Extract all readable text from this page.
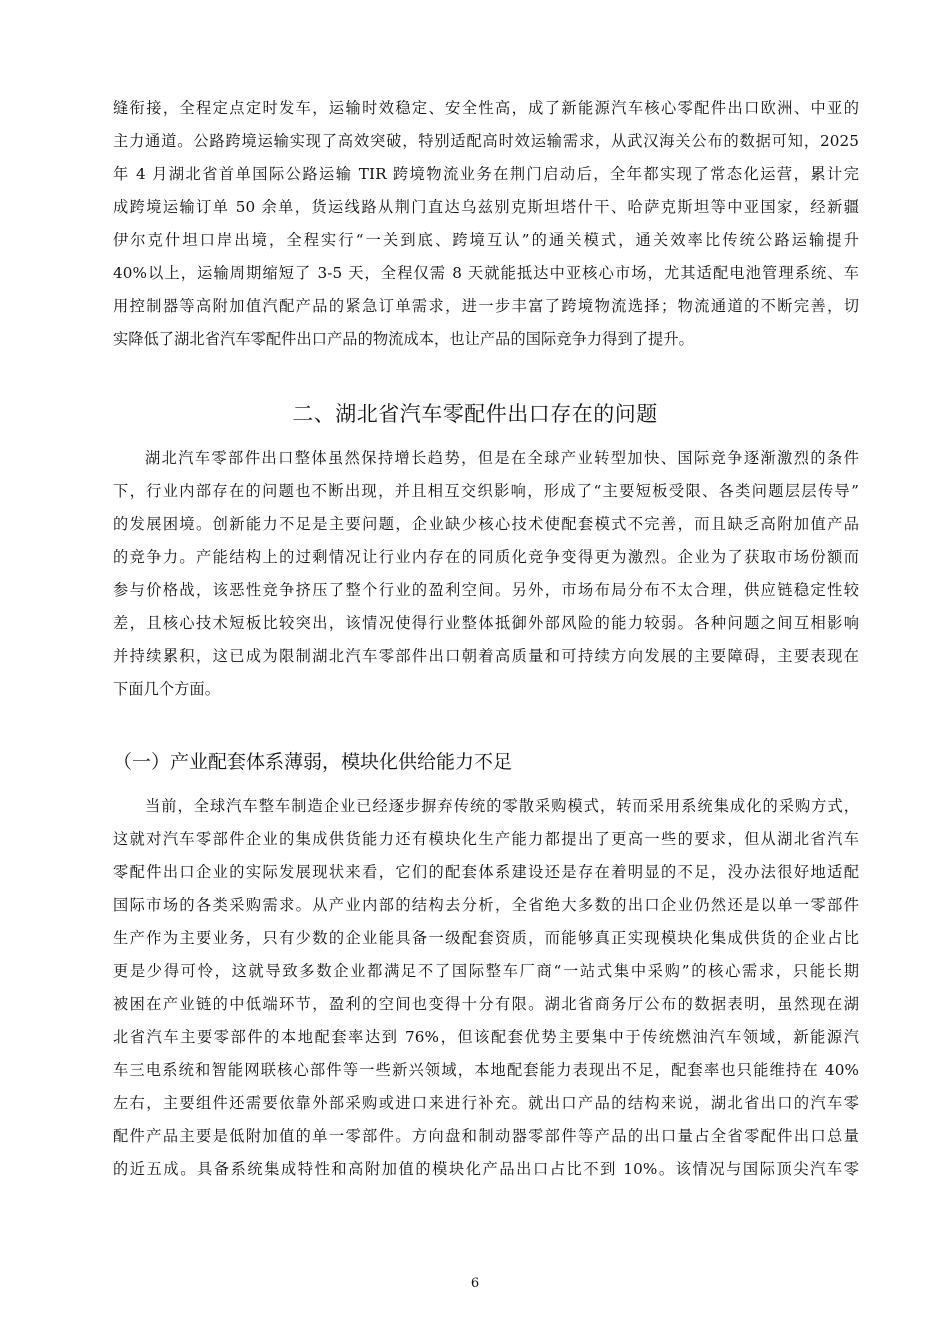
缝衔接，全程定点定时发车，运输时效稳定、安全性高，成了新能源汽车核心零配件出口欧洲、中亚的
主力通道。公路跨境运输实现了高效突破，特别适配高时效运输需求，从武汉海关公布的数据可知，2025
年 4 月湖北省首单国际公路运输 TIR 跨境物流业务在荆门启动后，全年都实现了常态化运营，累计完
成跨境运输订单 50 余单，货运线路从荆门直达乌兹别克斯坦塔什干、哈萨克斯坦等中亚国家，经新疆
伊尔克什坦口岸出境，全程实行“一关到底、跨境互认”的通关模式，通关效率比传统公路运输提升
40%以上，运输周期缩短了 3-5 天，全程仅需 8 天就能抵达中亚核心市场，尤其适配电池管理系统、车
用控制器等高附加值汽配产品的紧急订单需求，进一步丰富了跨境物流选择；物流通道的不断完善，切
实降低了湖北省汽车零配件出口产品的物流成本，也让产品的国际竞争力得到了提升。
二、湖北省汽车零配件出口存在的问题
湖北汽车零部件出口整体虽然保持增长趋势，但是在全球产业转型加快、国际竞争逐渐激烈的条件
下，行业内部存在的问题也不断出现，并且相互交织影响，形成了“主要短板受限、各类问题层层传导”
的发展困境。创新能力不足是主要问题，企业缺少核心技术使配套模式不完善，而且缺乏高附加值产品
的竞争力。产能结构上的过剩情况让行业内存在的同质化竞争变得更为激烈。企业为了获取市场份额而
参与价格战，该恶性竞争挤压了整个行业的盈利空间。另外，市场布局分布不太合理，供应链稳定性较
差，且核心技术短板比较突出，该情况使得行业整体抵御外部风险的能力较弱。各种问题之间互相影响
并持续累积，这已成为限制湖北汽车零部件出口朝着高质量和可持续方向发展的主要障碍，主要表现在
下面几个方面。
（一）产业配套体系薄弱，模块化供给能力不足
当前，全球汽车整车制造企业已经逐步摒弃传统的零散采购模式，转而采用系统集成化的采购方式，
这就对汽车零部件企业的集成供货能力还有模块化生产能力都提出了更高一些的要求，但从湖北省汽车
零配件出口企业的实际发展现状来看，它们的配套体系建设还是存在着明显的不足，没办法很好地适配
国际市场的各类采购需求。从产业内部的结构去分析，全省绝大多数的出口企业仍然还是以单一零部件
生产作为主要业务，只有少数的企业能具备一级配套资质，而能够真正实现模块化集成供货的企业占比
更是少得可怜，这就导致多数企业都满足不了国际整车厂商“一站式集中采购”的核心需求，只能长期
被困在产业链的中低端环节，盈利的空间也变得十分有限。湖北省商务厅公布的数据表明，虽然现在湖
北省汽车主要零部件的本地配套率达到 76%，但该配套优势主要集中于传统燃油汽车领域，新能源汽
车三电系统和智能网联核心部件等一些新兴领域，本地配套能力表现出不足，配套率也只能维持在 40%
左右，主要组件还需要依靠外部采购或进口来进行补充。就出口产品的结构来说，湖北省出口的汽车零
配件产品主要是低附加值的单一零部件。方向盘和制动器零部件等产品的出口量占全省零配件出口总量
的近五成。具备系统集成特性和高附加值的模块化产品出口占比不到 10%。该情况与国际顶尖汽车零
6
